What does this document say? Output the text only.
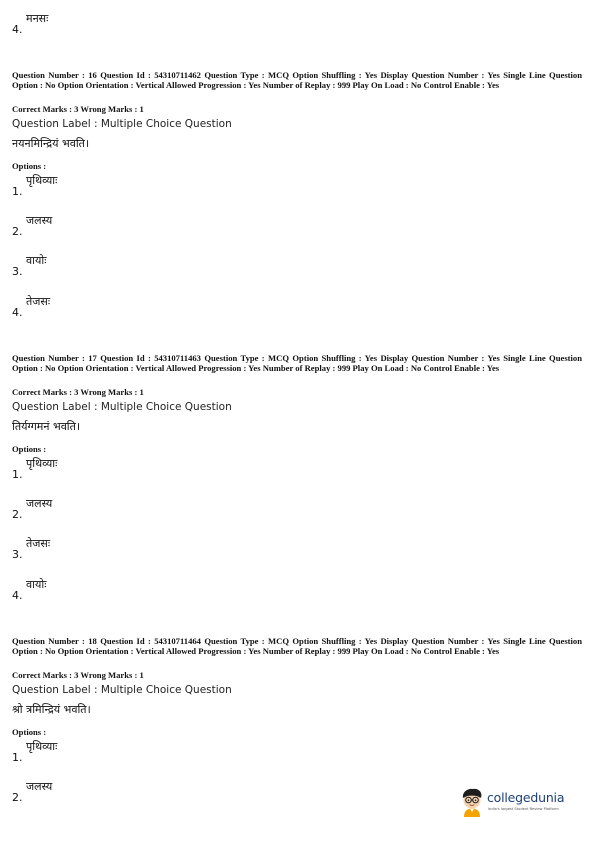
4.
मनसः
Question Number : 16 Question Id : 54310711462 Question Type : MCQ Option Shuffling : Yes Display Question Number : Yes Single Line Question Option : No Option Orientation : Vertical Allowed Progression : Yes Number of Replay : 999 Play On Load : No Control Enable : Yes
Correct Marks : 3 Wrong Marks : 1
Question Label : Multiple Choice Question
नयनमिन्द्रियं भवति।
Options :
1.
पृथिव्याः
2.
जलस्य
3.
वायोः
4.
तेजसः
Question Number : 17 Question Id : 54310711463 Question Type : MCQ Option Shuffling : Yes Display Question Number : Yes Single Line Question Option : No Option Orientation : Vertical Allowed Progression : Yes Number of Replay : 999 Play On Load : No Control Enable : Yes
Correct Marks : 3 Wrong Marks : 1
Question Label : Multiple Choice Question
तिर्यग्गमनं भवति।
Options :
1.
पृथिव्याः
2.
जलस्य
3.
तेजसः
4.
वायोः
Question Number : 18 Question Id : 54310711464 Question Type : MCQ Option Shuffling : Yes Display Question Number : Yes Single Line Question Option : No Option Orientation : Vertical Allowed Progression : Yes Number of Replay : 999 Play On Load : No Control Enable : Yes
Correct Marks : 3 Wrong Marks : 1
Question Label : Multiple Choice Question
श्रो त्रमिन्द्रियं भवति।
Options :
1.
पृथिव्याः
2.
जलस्य
collegedunia
India's largest Student Review Platform
